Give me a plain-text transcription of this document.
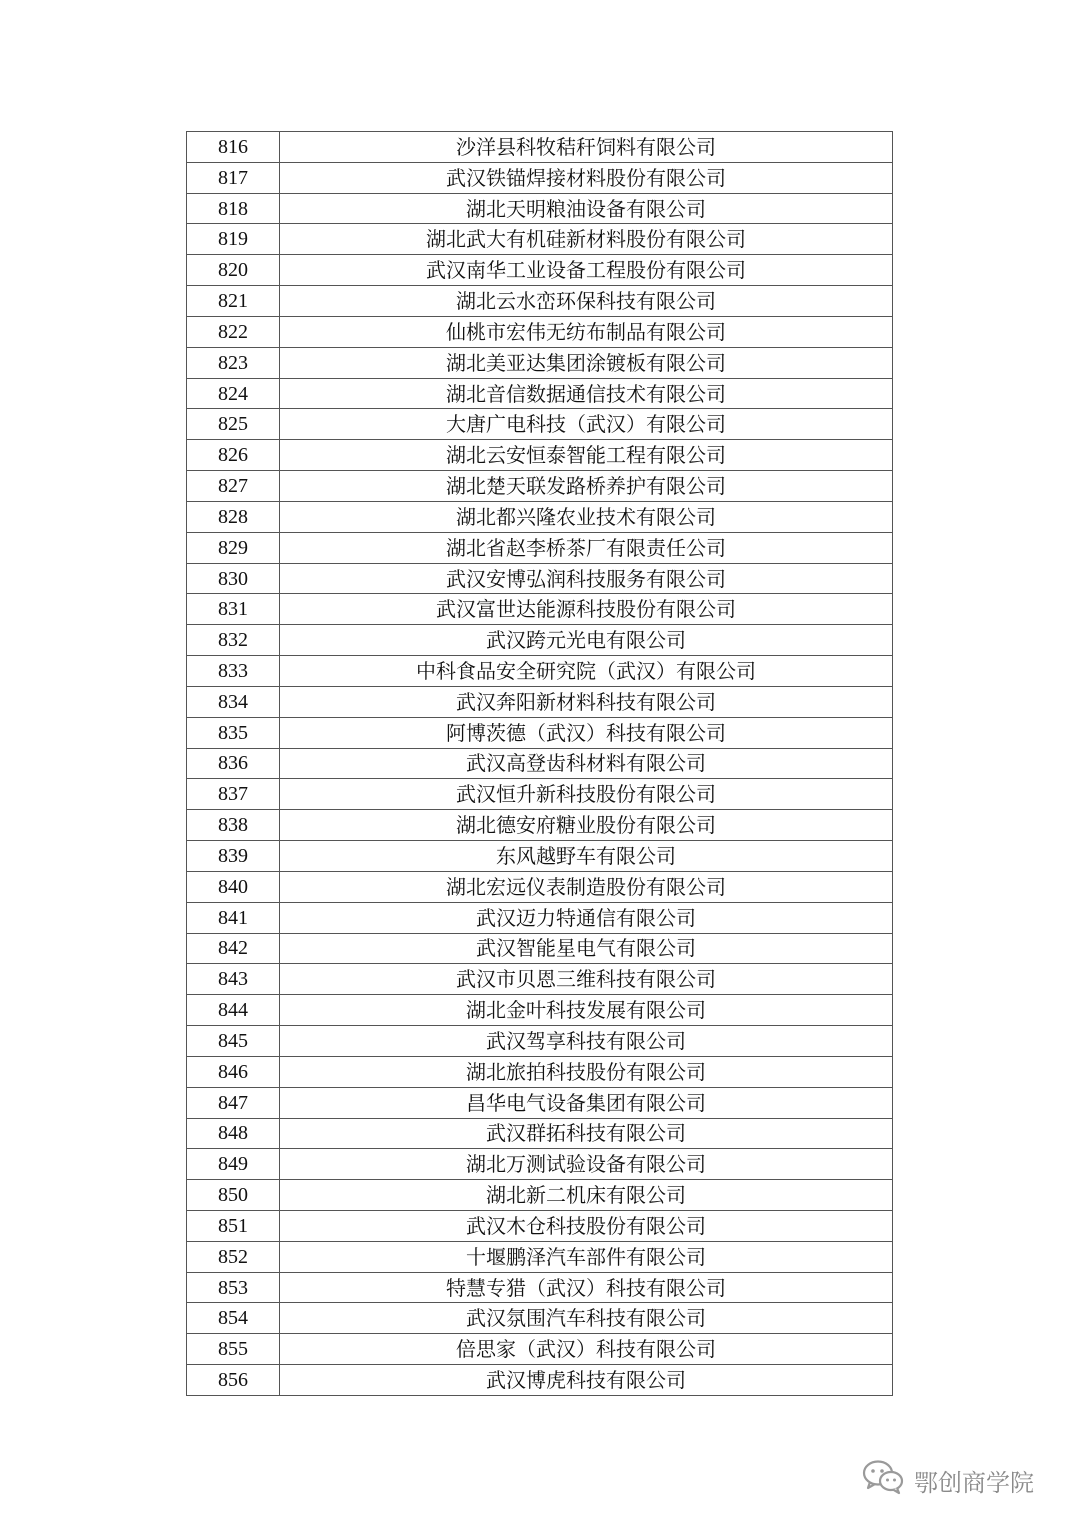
816	沙洋县科牧秸秆饲料有限公司
817	武汉铁锚焊接材料股份有限公司
818	湖北天明粮油设备有限公司
819	湖北武大有机硅新材料股份有限公司
820	武汉南华工业设备工程股份有限公司
821	湖北云水峦环保科技有限公司
822	仙桃市宏伟无纺布制品有限公司
823	湖北美亚达集团涂镀板有限公司
824	湖北音信数据通信技术有限公司
825	大唐广电科技（武汉）有限公司
826	湖北云安恒泰智能工程有限公司
827	湖北楚天联发路桥养护有限公司
828	湖北都兴隆农业技术有限公司
829	湖北省赵李桥茶厂有限责任公司
830	武汉安博弘润科技服务有限公司
831	武汉富世达能源科技股份有限公司
832	武汉跨元光电有限公司
833	中科食品安全研究院（武汉）有限公司
834	武汉奔阳新材料科技有限公司
835	阿博茨德（武汉）科技有限公司
836	武汉高登齿科材料有限公司
837	武汉恒升新科技股份有限公司
838	湖北德安府糖业股份有限公司
839	东风越野车有限公司
840	湖北宏远仪表制造股份有限公司
841	武汉迈力特通信有限公司
842	武汉智能星电气有限公司
843	武汉市贝恩三维科技有限公司
844	湖北金叶科技发展有限公司
845	武汉驾享科技有限公司
846	湖北旅拍科技股份有限公司
847	昌华电气设备集团有限公司
848	武汉群拓科技有限公司
849	湖北万测试验设备有限公司
850	湖北新二机床有限公司
851	武汉木仓科技股份有限公司
852	十堰鹏泽汽车部件有限公司
853	特慧专猎（武汉）科技有限公司
854	武汉氛围汽车科技有限公司
855	倍思家（武汉）科技有限公司
856	武汉博虎科技有限公司
鄂创商学院
